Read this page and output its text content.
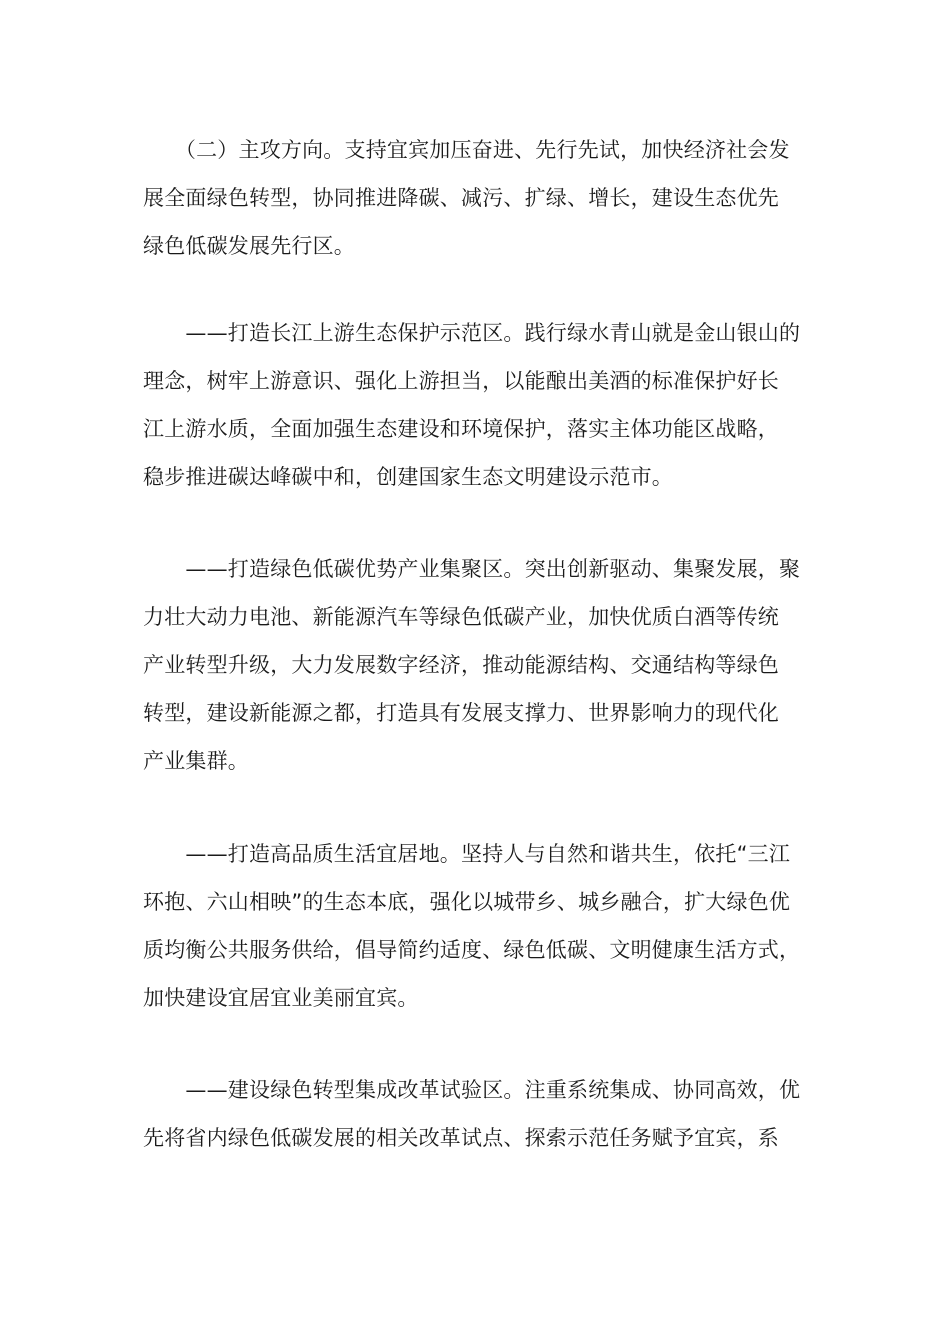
　　（二）主攻方向。支持宜宾加压奋进、先行先试，加快经济社会发
展全面绿色转型，协同推进降碳、减污、扩绿、增长，建设生态优先
绿色低碳发展先行区。
　　——打造长江上游生态保护示范区。践行绿水青山就是金山银山的
理念，树牢上游意识、强化上游担当，以能酿出美酒的标准保护好长
江上游水质，全面加强生态建设和环境保护，落实主体功能区战略，
稳步推进碳达峰碳中和，创建国家生态文明建设示范市。
　　——打造绿色低碳优势产业集聚区。突出创新驱动、集聚发展，聚
力壮大动力电池、新能源汽车等绿色低碳产业，加快优质白酒等传统
产业转型升级，大力发展数字经济，推动能源结构、交通结构等绿色
转型，建设新能源之都，打造具有发展支撑力、世界影响力的现代化
产业集群。
　　——打造高品质生活宜居地。坚持人与自然和谐共生，依托“三江
环抱、六山相映”的生态本底，强化以城带乡、城乡融合，扩大绿色优
质均衡公共服务供给，倡导简约适度、绿色低碳、文明健康生活方式，
加快建设宜居宜业美丽宜宾。
　　——建设绿色转型集成改革试验区。注重系统集成、协同高效，优
先将省内绿色低碳发展的相关改革试点、探索示范任务赋予宜宾，系
